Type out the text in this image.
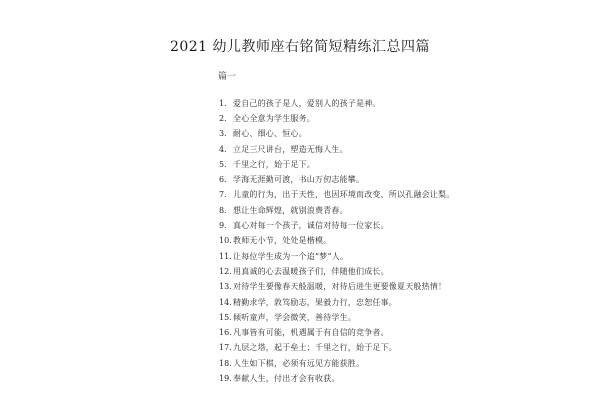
2021 幼儿教师座右铭简短精练汇总四篇
篇一
1. 爱自己的孩子是人，爱别人的孩子是神。
2. 全心全意为学生服务。
3. 耐心、细心、恒心。
4. 立足三尺讲台，塑造无悔人生。
5. 千里之行，始于足下。
6. 学海无涯勤可渡，书山万仞志能攀。
7. 儿童的行为，出于天性，也因环境而改变，所以孔融会让梨。
8. 想让生命辉煌，就别浪费青春。
9. 真心对每一个孩子，诚信对待每一位家长。
10. 教师无小节，处处是楷模。
11. 让每位学生成为一个追“梦”人。
12. 用真诚的心去温暖孩子们，伴随他们成长。
13. 对待学生要像春天般温暖，对待后进生更要像夏天般热情！
14. 精勤求学，敦笃励志，果毅力行，忠恕任事。
15. 倾听童声，学会微笑，善待学生。
16. 凡事皆有可能，机遇属于有自信的竞争者。
17. 九层之塔，起于垒土；千里之行，始于足下。
18. 人生如下棋，必须有远见方能获胜。
19. 奉献人生，付出才会有收获。
